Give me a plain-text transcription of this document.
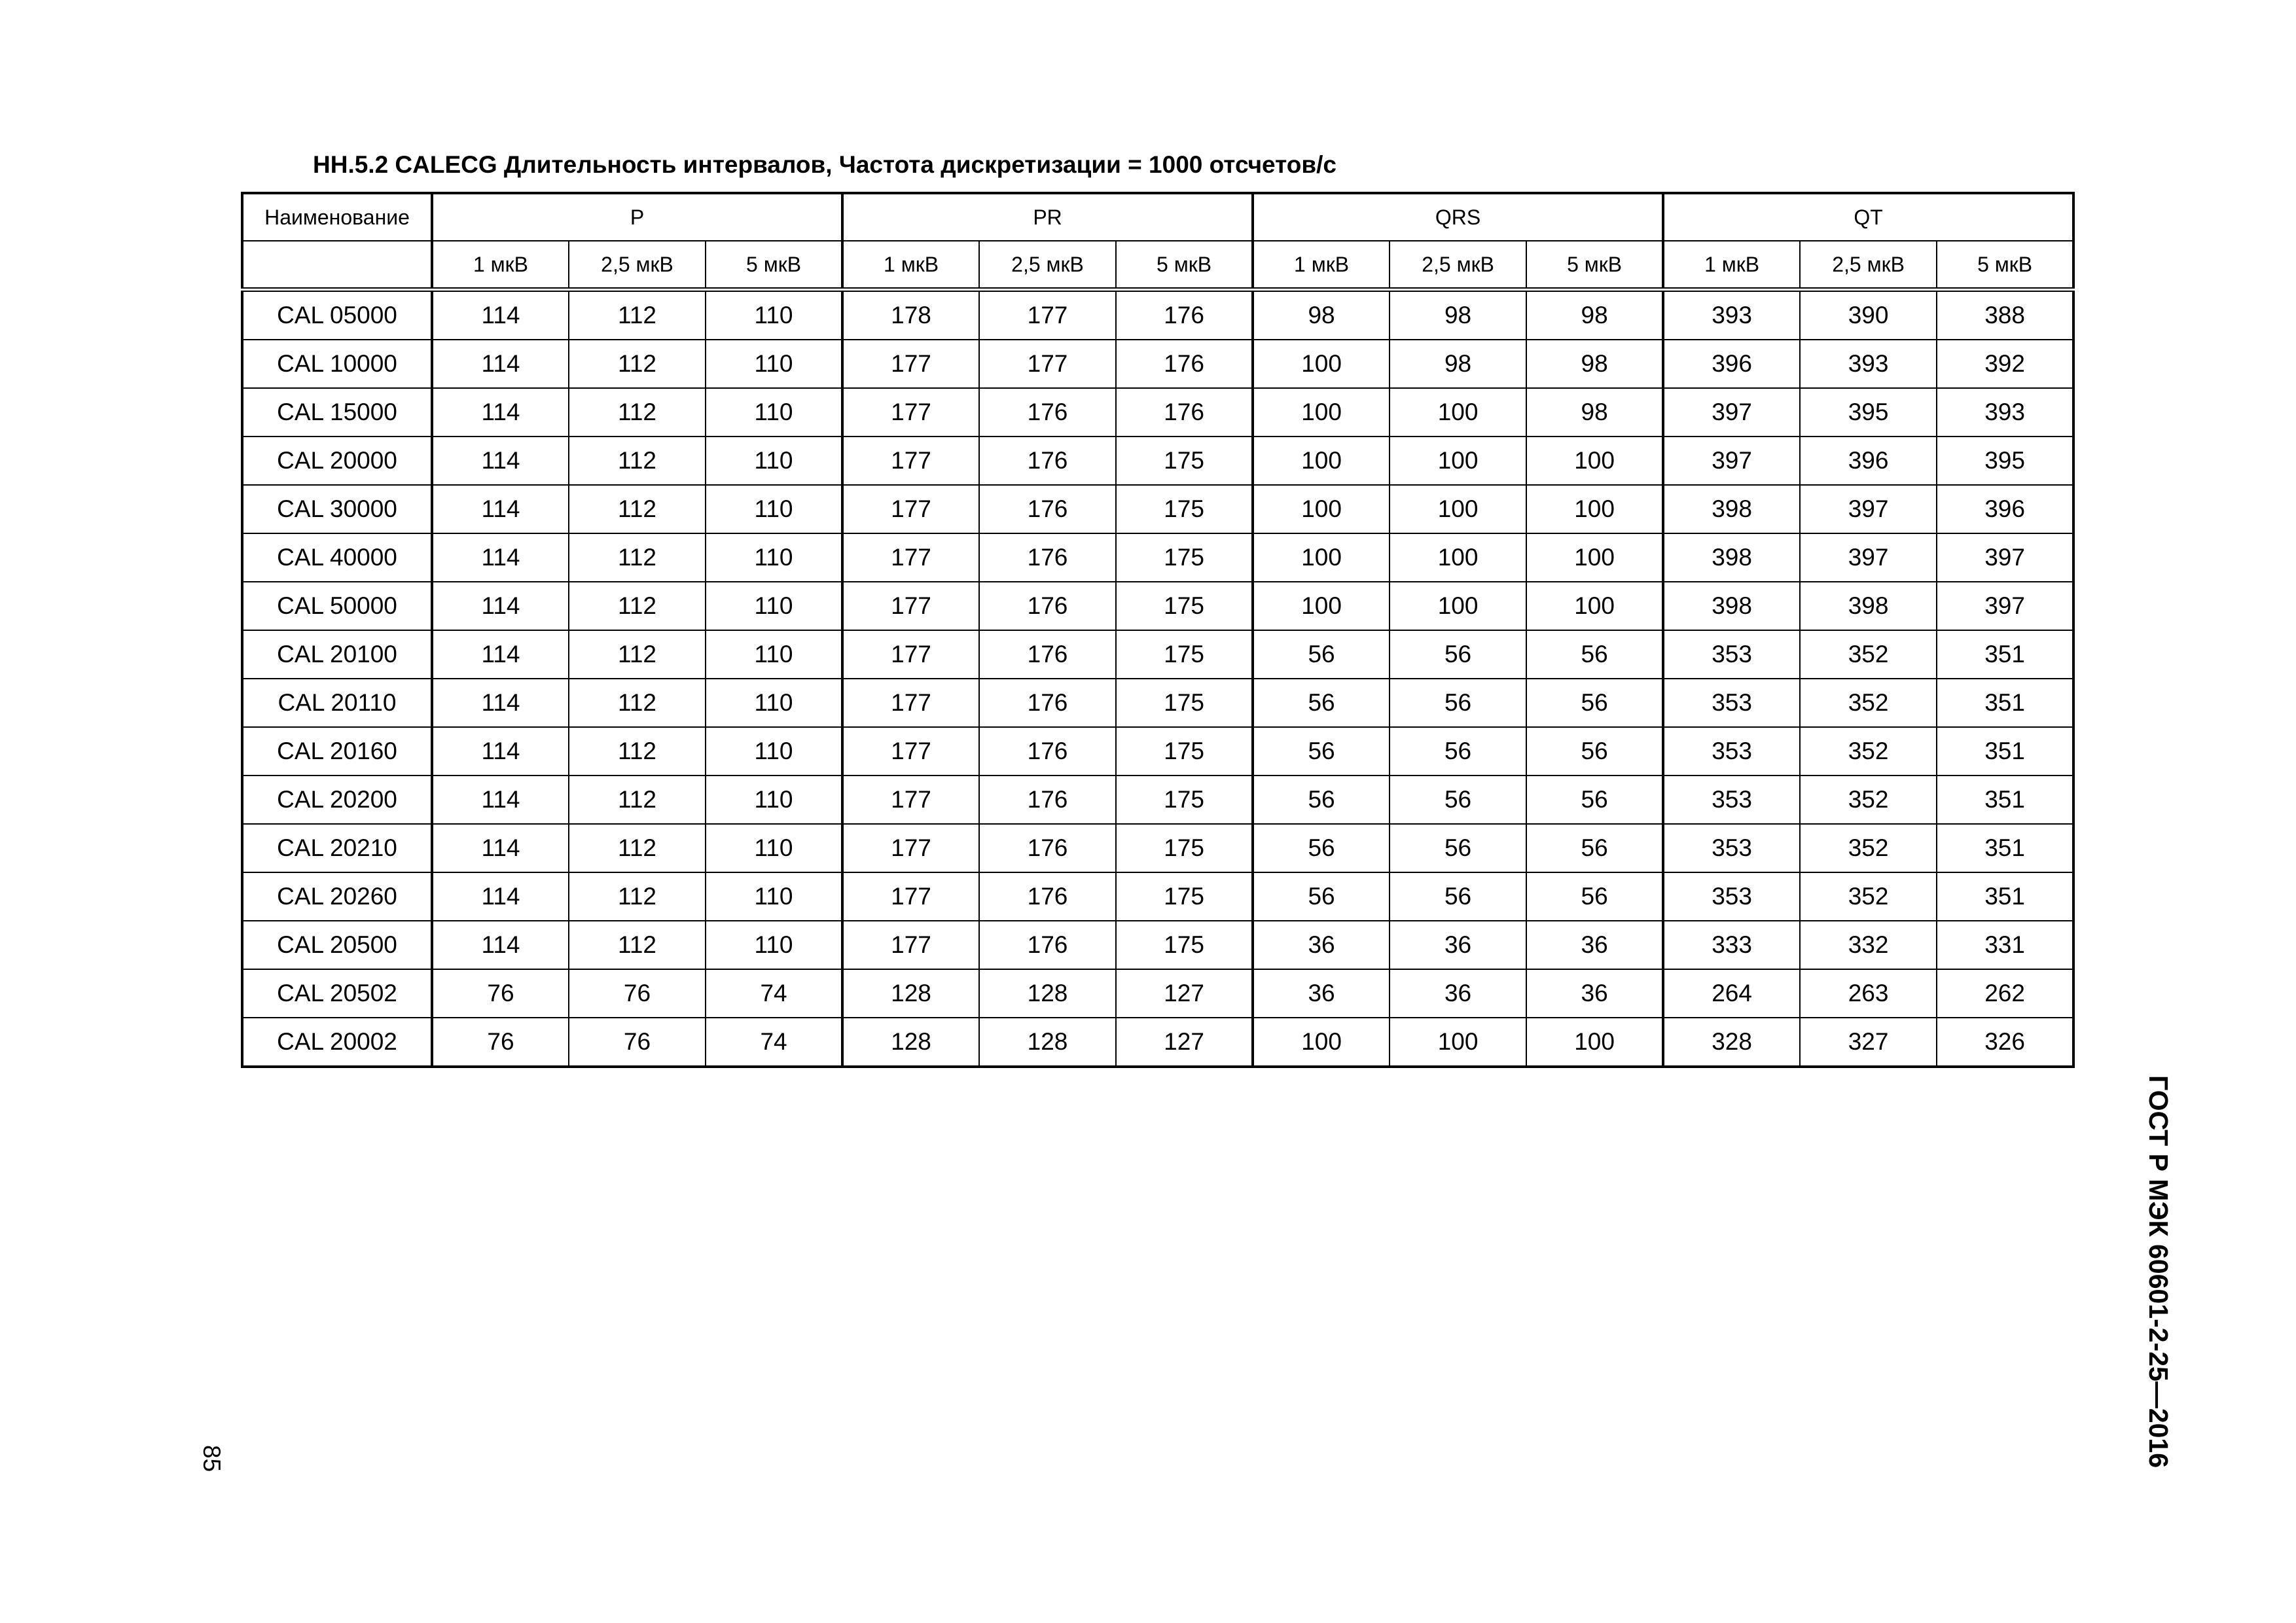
НН.5.2 CALECG Длительность интервалов, Частота дискретизации = 1000 отсчетов/с
Наименование	P			PR			QRS			QT		
	1 мкВ	2,5 мкВ	5 мкВ	1 мкВ	2,5 мкВ	5 мкВ	1 мкВ	2,5 мкВ	5 мкВ	1 мкВ	2,5 мкВ	5 мкВ
CAL 05000	114	112	110	178	177	176	98	98	98	393	390	388
CAL 10000	114	112	110	177	177	176	100	98	98	396	393	392
CAL 15000	114	112	110	177	176	176	100	100	98	397	395	393
CAL 20000	114	112	110	177	176	175	100	100	100	397	396	395
CAL 30000	114	112	110	177	176	175	100	100	100	398	397	396
CAL 40000	114	112	110	177	176	175	100	100	100	398	397	397
CAL 50000	114	112	110	177	176	175	100	100	100	398	398	397
CAL 20100	114	112	110	177	176	175	56	56	56	353	352	351
CAL 20110	114	112	110	177	176	175	56	56	56	353	352	351
CAL 20160	114	112	110	177	176	175	56	56	56	353	352	351
CAL 20200	114	112	110	177	176	175	56	56	56	353	352	351
CAL 20210	114	112	110	177	176	175	56	56	56	353	352	351
CAL 20260	114	112	110	177	176	175	56	56	56	353	352	351
CAL 20500	114	112	110	177	176	175	36	36	36	333	332	331
CAL 20502	76	76	74	128	128	127	36	36	36	264	263	262
CAL 20002	76	76	74	128	128	127	100	100	100	328	327	326
ГОСТ Р МЭК 60601-2-25—2016
85
